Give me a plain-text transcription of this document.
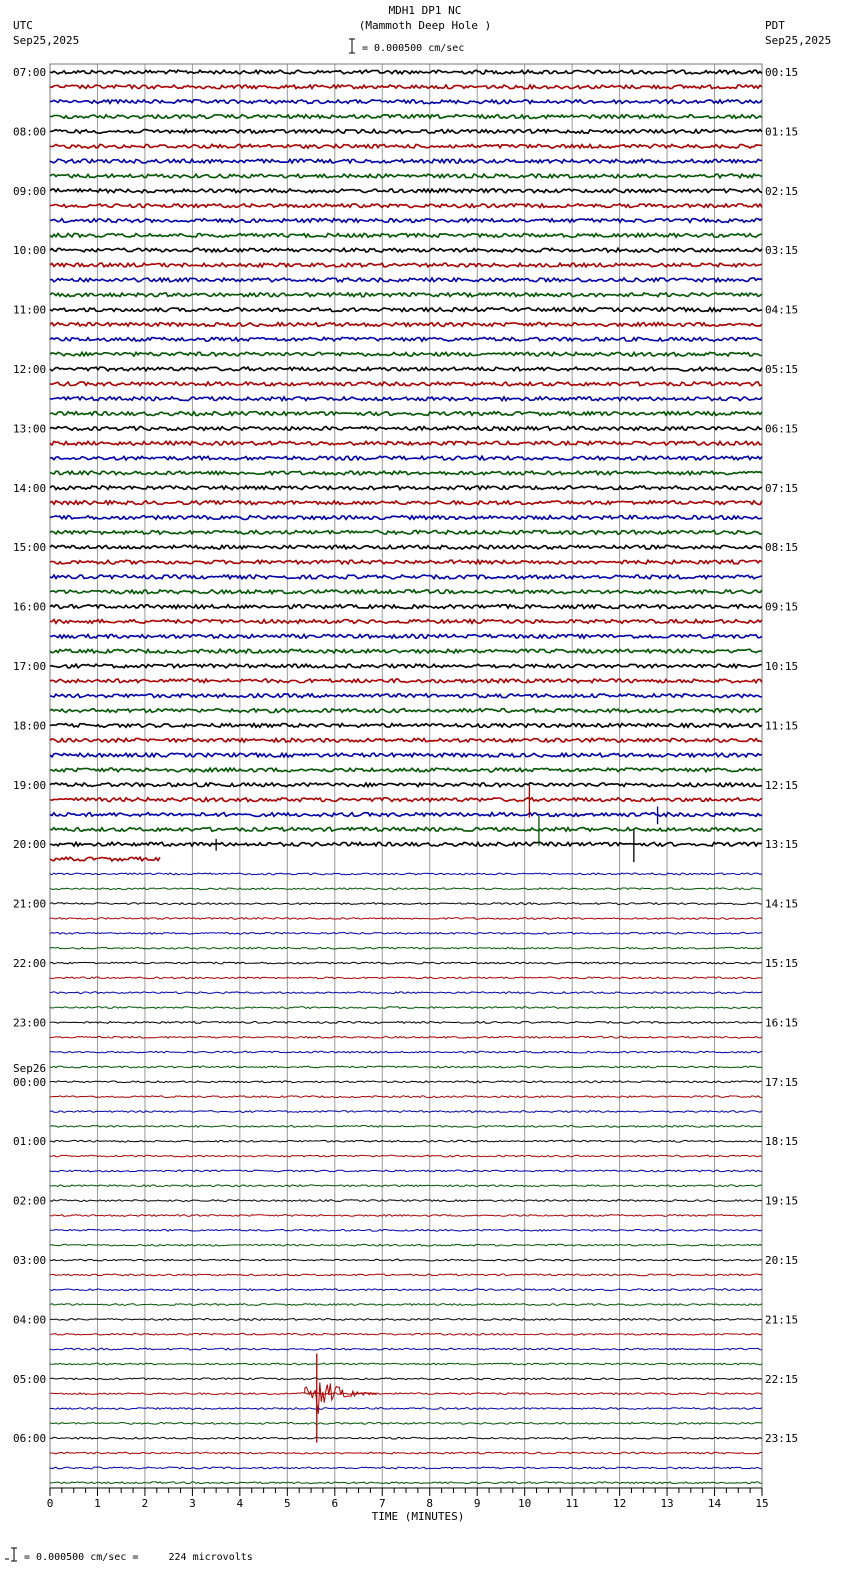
MDH1 DP1 NC
(Mammoth Deep Hole )
= 0.000500 cm/sec
UTC
Sep25,2025
PDT
Sep25,2025
07:00
08:00
09:00
10:00
11:00
12:00
13:00
14:00
15:00
16:00
17:00
18:00
19:00
20:00
21:00
22:00
23:00
00:00
Sep26
01:00
02:00
03:00
04:00
05:00
06:00
00:15
01:15
02:15
03:15
04:15
05:15
06:15
07:15
08:15
09:15
10:15
11:15
12:15
13:15
14:15
15:15
16:15
17:15
18:15
19:15
20:15
21:15
22:15
23:15
0	1	2	3	4	5	6	7	8	9	10	11	12	13	14	15
TIME (MINUTES)
= 0.000500 cm/sec =     224 microvolts
